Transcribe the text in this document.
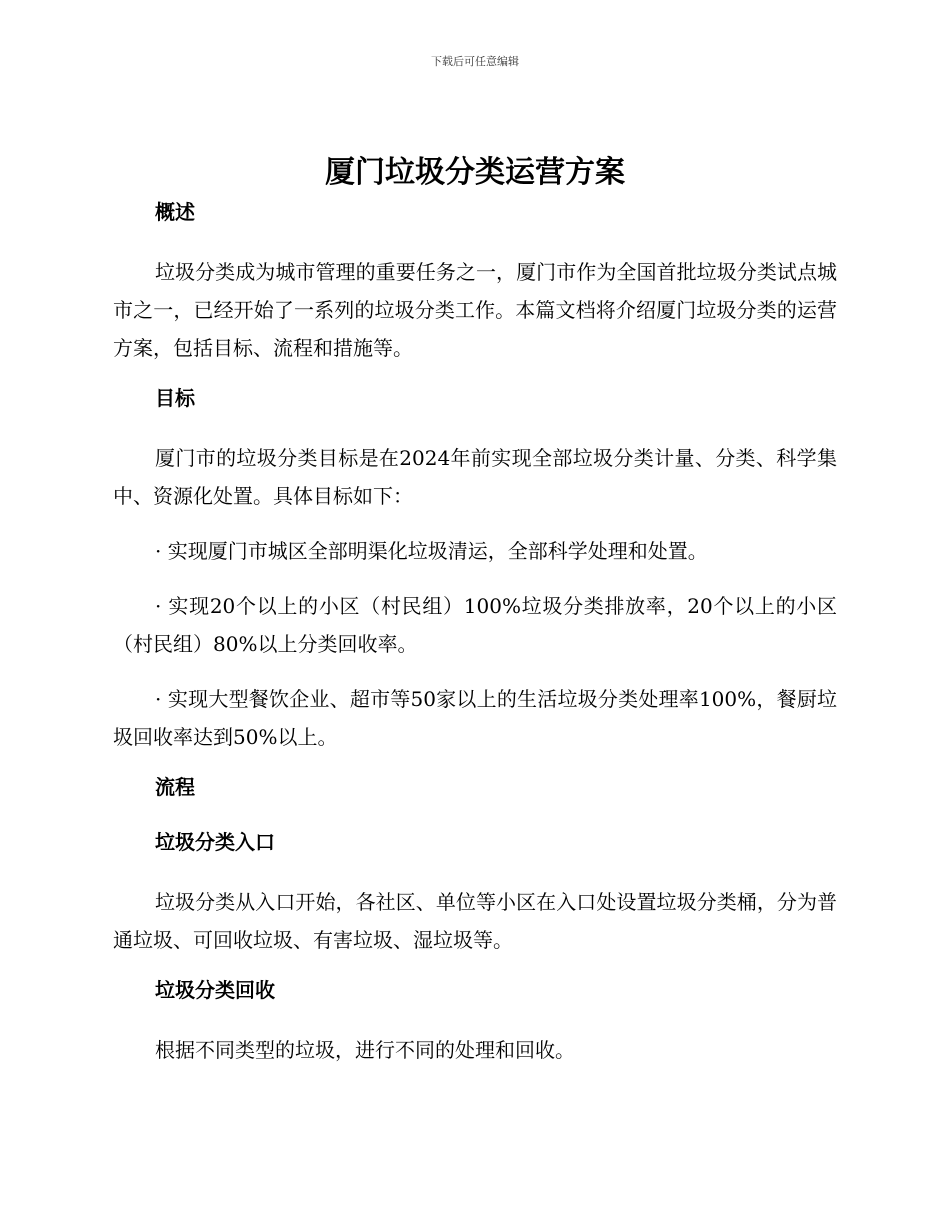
下载后可任意编辑
厦门垃圾分类运营方案
概述

垃圾分类成为城市管理的重要任务之一，厦门市作为全国首批垃圾分类试点城市之一，已经开始了一系列的垃圾分类工作。本篇文档将介绍厦门垃圾分类的运营方案，包括目标、流程和措施等。

目标

厦门市的垃圾分类目标是在2024年前实现全部垃圾分类计量、分类、科学集中、资源化处置。具体目标如下：

· 实现厦门市城区全部明渠化垃圾清运，全部科学处理和处置。

· 实现20个以上的小区（村民组）100%垃圾分类排放率，20个以上的小区（村民组）80%以上分类回收率。

· 实现大型餐饮企业、超市等50家以上的生活垃圾分类处理率100%，餐厨垃圾回收率达到50%以上。

流程
垃圾分类入口

垃圾分类从入口开始，各社区、单位等小区在入口处设置垃圾分类桶，分为普通垃圾、可回收垃圾、有害垃圾、湿垃圾等。

垃圾分类回收

根据不同类型的垃圾，进行不同的处理和回收。
